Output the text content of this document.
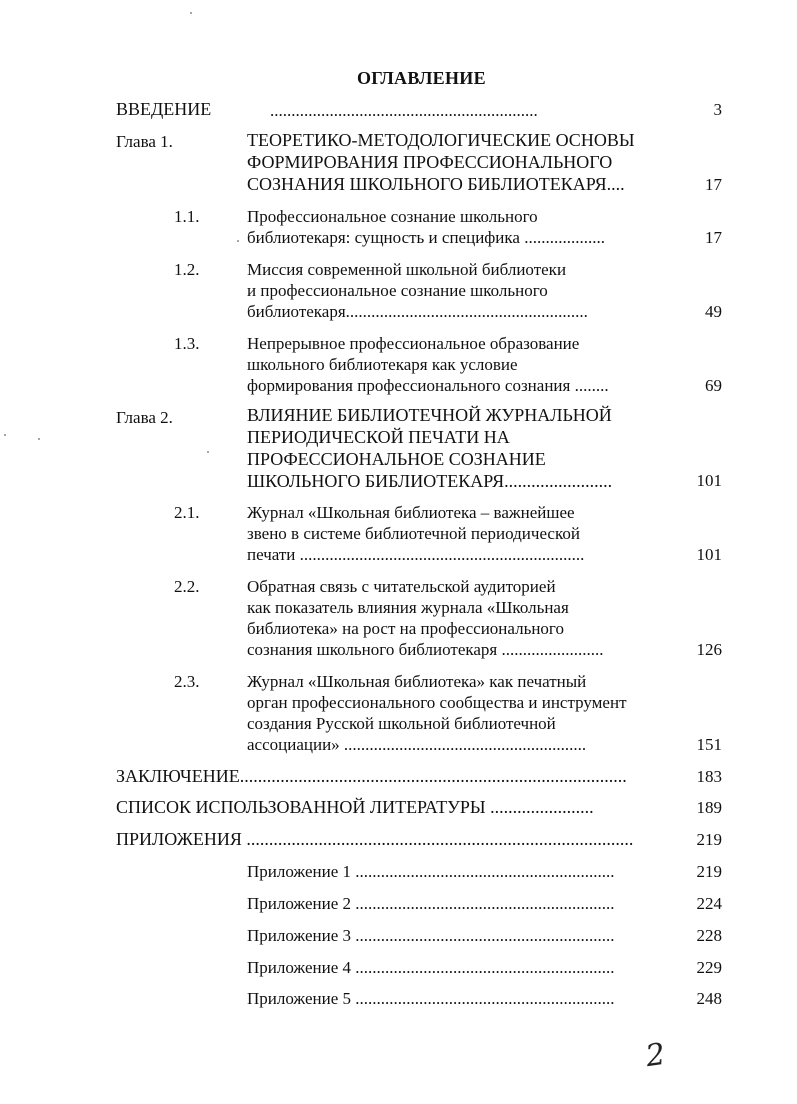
ОГЛАВЛЕНИЕ
ВВЕДЕНИЕ	...............................................................	3
Глава 1.	ТЕОРЕТИКО-МЕТОДОЛОГИЧЕСКИЕ ОСНОВЫ
ФОРМИРОВАНИЯ ПРОФЕССИОНАЛЬНОГО
СОЗНАНИЯ ШКОЛЬНОГО БИБЛИОТЕКАРЯ....	17
1.1.	Профессиональное сознание школьного
библиотекаря: сущность и специфика ...................	17
1.2.	Миссия современной школьной библиотеки
и профессиональное сознание школьного
библиотекаря.........................................................	49
1.3.	Непрерывное профессиональное образование
школьного библиотекаря как условие
формирования профессионального сознания ........	69
Глава 2.	ВЛИЯНИЕ БИБЛИОТЕЧНОЙ ЖУРНАЛЬНОЙ
ПЕРИОДИЧЕСКОЙ ПЕЧАТИ НА
ПРОФЕССИОНАЛЬНОЕ СОЗНАНИЕ
ШКОЛЬНОГО БИБЛИОТЕКАРЯ........................	101
2.1.	Журнал «Школьная библиотека – важнейшее
звено в системе библиотечной периодической
печати ...................................................................	101
2.2.	Обратная связь с читательской аудиторией
как показатель влияния журнала «Школьная
библиотека» на рост на профессионального
сознания школьного библиотекаря ........................	126
2.3.	Журнал «Школьная библиотека» как печатный
орган профессионального сообщества и инструмент
создания Русской школьной библиотечной
ассоциации» .........................................................	151
ЗАКЛЮЧЕНИЕ......................................................................................	183
СПИСОК ИСПОЛЬЗОВАННОЙ ЛИТЕРАТУРЫ .......................	189
ПРИЛОЖЕНИЯ ......................................................................................	219
Приложение 1 .............................................................	219
Приложение 2 .............................................................	224
Приложение 3 .............................................................	228
Приложение 4 .............................................................	229
Приложение 5 .............................................................	248
2
